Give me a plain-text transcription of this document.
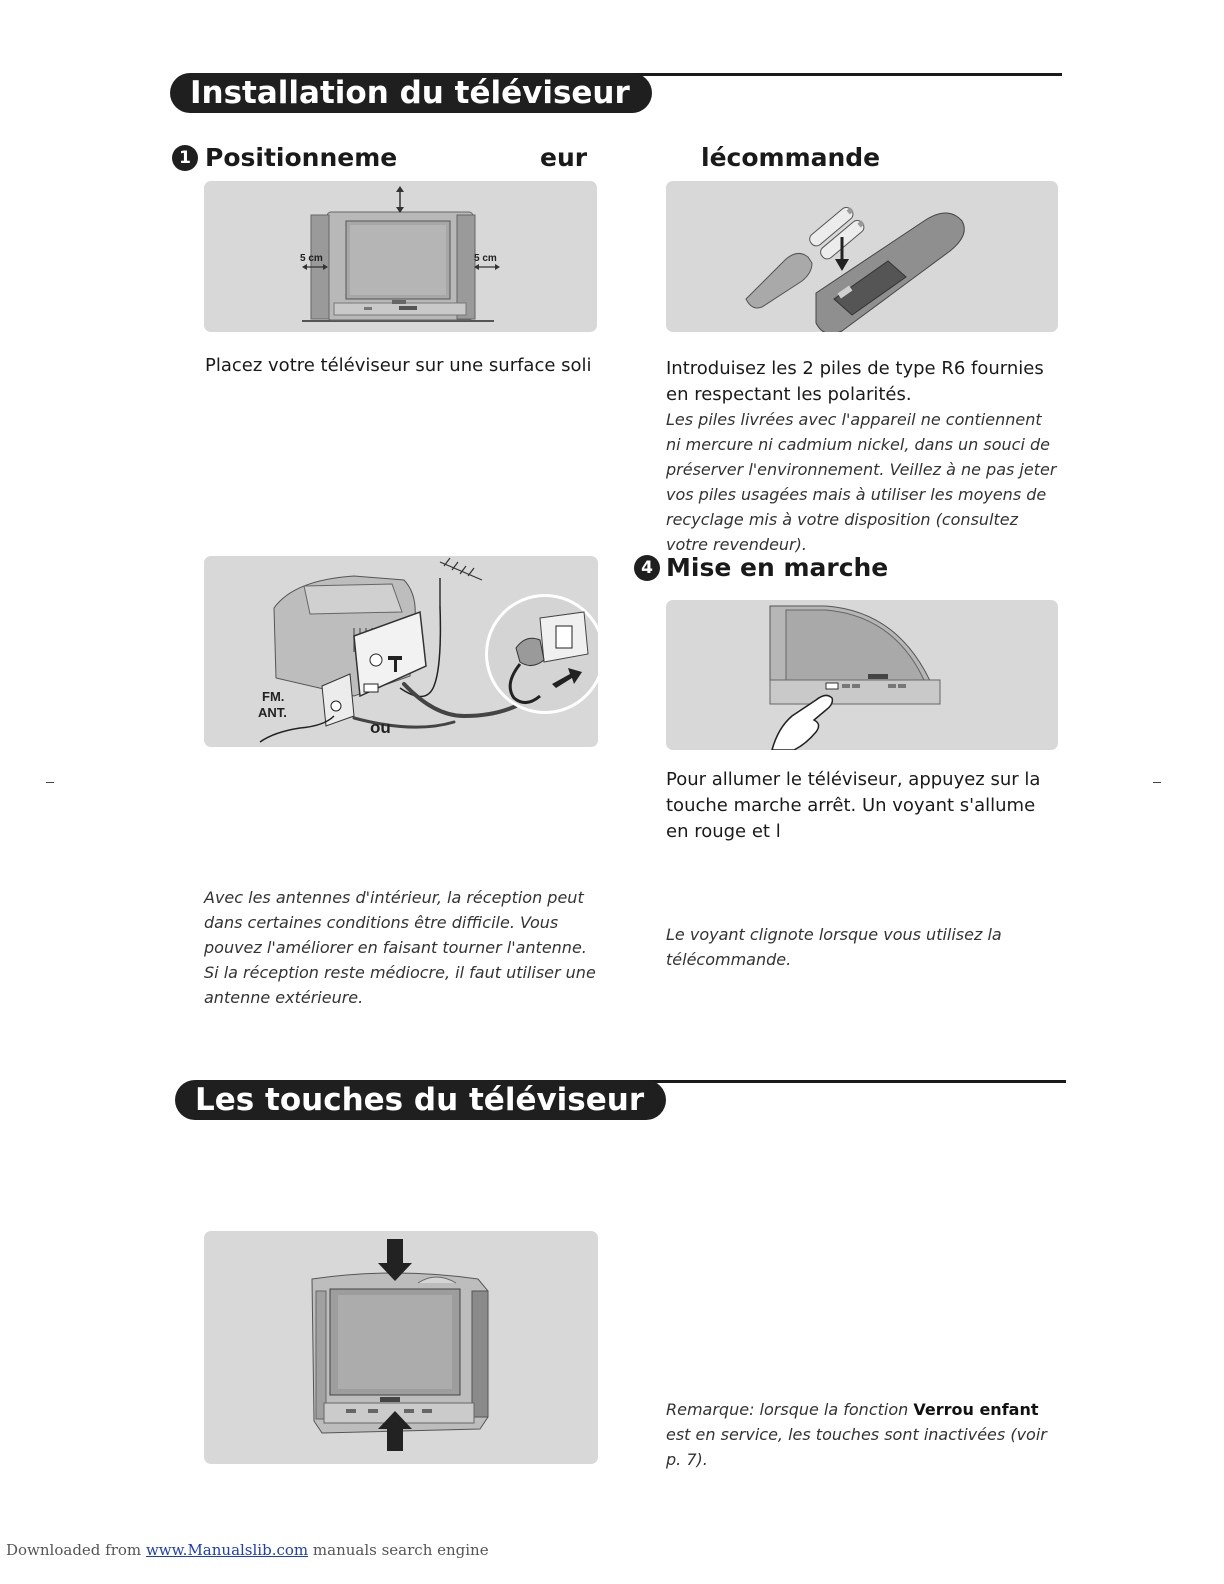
Installation du téléviseur
1 Positionneme	eur	lécommande
5 cm	5 cm
Placez votre téléviseur sur une surface soli	Introduisez les 2 piles de type R6 fournies en respectant les polarités.
Les piles livrées avec l'appareil ne contiennent ni mercure ni cadmium nickel, dans un souci de préserver l'environnement. Veillez à ne pas jeter vos piles usagées mais à utiliser les moyens de recyclage mis à votre disposition (consultez votre revendeur).
FM.
ANT.
ou
4 Mise en marche
Pour allumer le téléviseur, appuyez sur la touche marche arrêt. Un voyant s'allume en rouge et l
Avec les antennes d'intérieur, la réception peut dans certaines conditions être difficile. Vous pouvez l'améliorer en faisant tourner l'antenne. Si la réception reste médiocre, il faut utiliser une antenne extérieure.
Le voyant clignote lorsque vous utilisez la télécommande.
Les touches du téléviseur
Remarque: lorsque la fonction Verrou enfant est en service, les touches sont inactivées (voir p. 7).
Downloaded from www.Manualslib.com manuals search engine
